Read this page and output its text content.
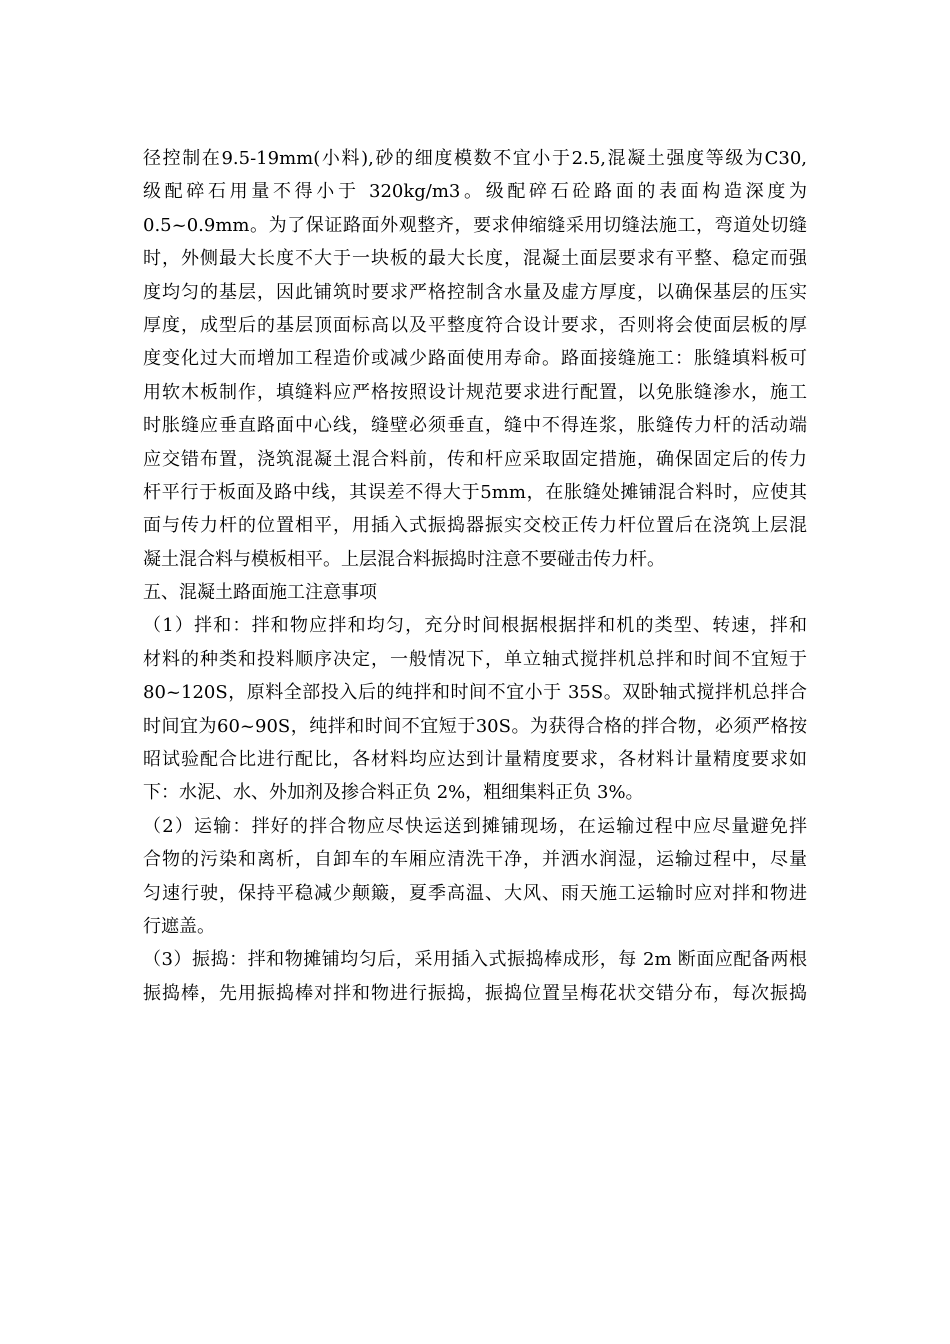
径控制在9.5-19mm(小料),砂的细度模数不宜小于2.5,混凝土强度等级为C30,
级配碎石用量不得小于 320kg/m3。级配碎石砼路面的表面构造深度为
0.5~0.9mm。为了保证路面外观整齐，要求伸缩缝采用切缝法施工，弯道处切缝
时，外侧最大长度不大于一块板的最大长度，混凝土面层要求有平整、稳定而强
度均匀的基层，因此铺筑时要求严格控制含水量及虚方厚度，以确保基层的压实
厚度，成型后的基层顶面标高以及平整度符合设计要求，否则将会使面层板的厚
度变化过大而增加工程造价或减少路面使用寿命。路面接缝施工：胀缝填料板可
用软木板制作，填缝料应严格按照设计规范要求进行配置，以免胀缝渗水，施工
时胀缝应垂直路面中心线，缝壁必须垂直，缝中不得连浆，胀缝传力杆的活动端
应交错布置，浇筑混凝土混合料前，传和杆应采取固定措施，确保固定后的传力
杆平行于板面及路中线，其误差不得大于5mm，在胀缝处摊铺混合料时，应使其
面与传力杆的位置相平，用插入式振捣器振实交校正传力杆位置后在浇筑上层混
凝土混合料与模板相平。上层混合料振捣时注意不要碰击传力杆。
五、混凝土路面施工注意事项
（1）拌和：拌和物应拌和均匀，充分时间根据根据拌和机的类型、转速，拌和
材料的种类和投料顺序决定，一般情况下，单立轴式搅拌机总拌和时间不宜短于
80~120S，原料全部投入后的纯拌和时间不宜小于 35S。双卧轴式搅拌机总拌合
时间宜为60~90S，纯拌和时间不宜短于30S。为获得合格的拌合物，必须严格按
昭试验配合比进行配比，各材料均应达到计量精度要求，各材料计量精度要求如
下：水泥、水、外加剂及掺合料正负 2%，粗细集料正负 3%。
（2）运输：拌好的拌合物应尽快运送到摊铺现场，在运输过程中应尽量避免拌
合物的污染和离析，自卸车的车厢应清洗干净，并洒水润湿，运输过程中，尽量
匀速行驶，保持平稳减少颠簸，夏季高温、大风、雨天施工运输时应对拌和物进
行遮盖。
（3）振捣：拌和物摊铺均匀后，采用插入式振捣棒成形，每 2m 断面应配备两根
振捣棒，先用振捣棒对拌和物进行振捣，振捣位置呈梅花状交错分布，每次振捣
